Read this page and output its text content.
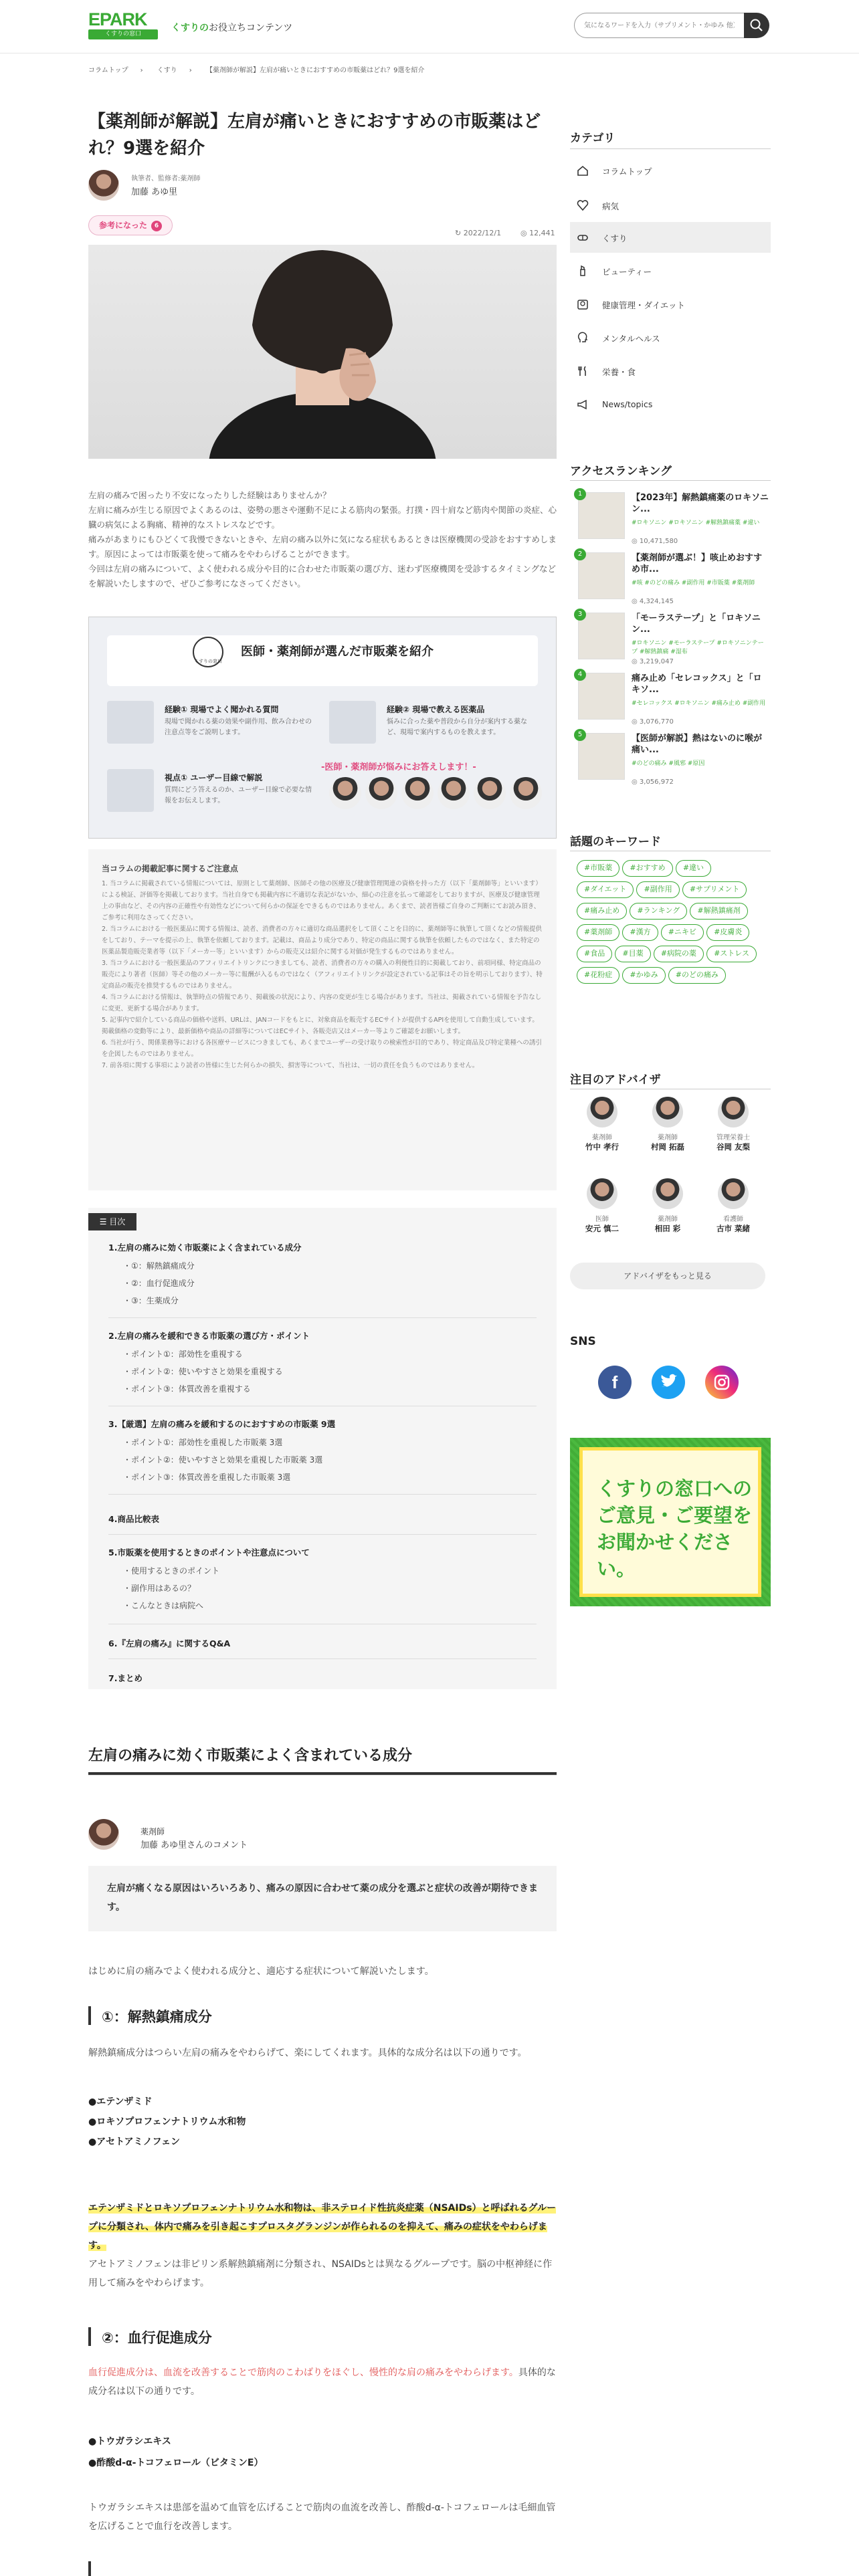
EPARK
くすりの窓口
くすりのお役立ちコンテンツ
気になるワードを入力（サプリメント・かゆみ 他）
コラムトップ › くすり › 【薬剤師が解説】左肩が痛いときにおすすめの市販薬はどれ？9選を紹介
【薬剤師が解説】左肩が痛いときにおすすめの市販薬はどれ？9選を紹介
執筆者、監修者:薬剤師
加藤 あゆ里
参考になった 6
↻ 2022/12/1	◎ 12,441

左肩の痛みで困ったり不安になったりした経験はありませんか？

左肩に痛みが生じる原因でよくあるのは、姿勢の悪さや運動不足による筋肉の緊張。打撲・四十肩など筋肉や関節の炎症、心臓の病気による胸痛、精神的なストレスなどです。

痛みがあまりにもひどくて我慢できないときや、左肩の痛み以外に気になる症状もあるときは医療機関の受診をおすすめします。原因によっては市販薬を使って痛みをやわらげることができます。

今回は左肩の痛みについて、よく使われる成分や目的に合わせた市販薬の選び方、迷わず医療機関を受診するタイミングなどを解説いたしますので、ぜひご参考になさってください。

くすりの窓口
医師・薬剤師が選んだ市販薬を紹介
経験① 現場でよく聞かれる質問
現場で聞かれる薬の効果や副作用、飲み合わせの注意点等をご説明します。
経験② 現場で教える医薬品
悩みに合った薬や普段から自分が案内する薬など、現場で案内するものを教えます。
視点① ユーザー目線で解説
質問にどう答えるのか、ユーザー目線で必要な情報をお伝えします。
-医師・薬剤師が悩みにお答えします！-
当コラムの掲載記事に関するご注意点

1. 当コラムに掲載されている情報については、原則として薬剤師、医師その他の医療及び健康管理関連の資格を持った方（以下「薬剤師等」といいます）による検証、評価等を掲載しております。当社自身でも掲載内容に不適切な表記がないか、細心の注意を払って確認をしておりますが、医療及び健康管理上の事由など、その内容の正確性や有効性などについて何らかの保証をできるものではありません。あくまで、読者皆様ご自身のご判断にてお読み頂き、ご参考に利用なさってください。

2. 当コラムにおける一般医薬品に関する情報は、読者、消費者の方々に適切な商品選択をして頂くことを目的に、薬剤師等に執筆して頂くなどの情報提供をしており、テーマを提示の上、執筆を依頼しております。記載は、商品より成分であり、特定の商品に関する執筆を依頼したものではなく、また特定の医薬品製造販売業者等（以下「メーカー等」といいます）からの販売又は紹介に関する対価が発生するものではありません。

3. 当コラムにおける一般医薬品のアフィリエイトリンクにつきましても、読者、消費者の方々の購入の利便性目的に掲載しており、前項同様、特定商品の販売により著者（医師）等その他のメーカー等に報酬が入るものではなく（アフィリエイトリンクが設定されている記事はその旨を明示しております）、特定商品の販売を推奨するものではありません。

4. 当コラムにおける情報は、執筆時点の情報であり、掲載後の状況により、内容の変更が生じる場合があります。当社は、掲載されている情報を予告なしに変更、更新する場合があります。

5. 記事内で紹介している商品の価格や送料、URLは、JANコードをもとに、対象商品を販売するECサイトが提供するAPIを使用して自動生成しています。掲載価格の変動等により、最新価格や商品の詳細等についてはECサイト、各販売店又はメーカー等よりご確認をお願いします。

6. 当社が行う、関係業務等における各医療サービスにつきましても、あくまでユーザーの受け取りの検索性が目的であり、特定商品及び特定業種への誘引を企図したものではありません。

7. 前各項に関する事項により読者の皆様に生じた何らかの損失、損害等について、当社は、一切の責任を負うものではありません。

☰ 目次
1.左肩の痛みに効く市販薬によく含まれている成分
・①：解熱鎮痛成分
・②：血行促進成分
・③：生薬成分
2.左肩の痛みを緩和できる市販薬の選び方・ポイント
・ポイント①：部効性を重視する
・ポイント②：使いやすさと効果を重視する
・ポイント③：体質改善を重視する
3.【厳選】左肩の痛みを緩和するのにおすすめの市販薬 9選
・ポイント①：部効性を重視した市販薬 3選
・ポイント②：使いやすさと効果を重視した市販薬 3選
・ポイント③：体質改善を重視した市販薬 3選
4.商品比較表
5.市販薬を使用するときのポイントや注意点について
・使用するときのポイント
・副作用はあるの？
・こんなときは病院へ
6.『左肩の痛み』に関するQ&A
7.まとめ
左肩の痛みに効く市販薬によく含まれている成分
薬剤師
加藤 あゆ里さんのコメント
左肩が痛くなる原因はいろいろあり、痛みの原因に合わせて薬の成分を選ぶと症状の改善が期待できます。
はじめに肩の痛みでよく使われる成分と、適応する症状について解説いたします。
①：解熱鎮痛成分
解熱鎮痛成分はつらい左肩の痛みをやわらげて、楽にしてくれます。具体的な成分名は以下の通りです。
●エテンザミド
●ロキソプロフェンナトリウム水和物
●アセトアミノフェン
エテンザミドとロキソプロフェンナトリウム水和物は、非ステロイド性抗炎症薬（NSAIDs）と呼ばれるグループに分類され、体内で痛みを引き起こすプロスタグランジンが作られるのを抑えて、痛みの症状をやわらげます。
アセトアミノフェンは非ピリン系解熱鎮痛剤に分類され、NSAIDsとは異なるグループです。脳の中枢神経に作用して痛みをやわらげます。
②：血行促進成分
血行促進成分は、血流を改善することで筋肉のこわばりをほぐし、慢性的な肩の痛みをやわらげます。具体的な成分名は以下の通りです。
●トウガラシエキス
●酢酸d-α-トコフェロール（ビタミンE）
トウガラシエキスは患部を温めて血管を広げることで筋肉の血流を改善し、酢酸d-α-トコフェロールは毛細血管を広げることで血行を改善します。
カテゴリ
コラムトップ
病気
くすり
ビューティー
健康管理・ダイエット
メンタルヘルス
栄養・食
News/topics
アクセスランキング
1	【2023年】解熱鎮痛薬のロキソニン...
#ロキソニン #ロキソニン #解熱鎮痛薬 #違い
◎ 10,471,580
2	【薬剤師が選ぶ！】咳止めおすすめ市...
#咳 #のどの痛み #副作用 #市販薬 #薬剤師
◎ 4,324,145
3	「モーラステープ」と「ロキソニン...
#ロキソニン #モーラステープ #ロキソニンテープ #解熱鎮痛 #湿布
◎ 3,219,047
4	痛み止め「セレコックス」と「ロキソ...
#セレコックス #ロキソニン #痛み止め #副作用
◎ 3,076,770
5	【医師が解説】熱はないのに喉が痛い...
#のどの痛み #風邪 #原因
◎ 3,056,972
話題のキーワード
#市販薬 #おすすめ #違い #ダイエット #副作用 #サプリメント #痛み止め #ランキング #解熱鎮痛剤 #薬剤師 #漢方 #ニキビ #皮膚炎 #食品 #目薬 #病院の薬 #ストレス #花粉症 #かゆみ #のどの痛み
注目のアドバイザ
薬剤師
竹中 孝行
薬剤師
村岡 拓磊
管理栄養士
谷岡 友梨
医師
安元 慎二
薬剤師
相田 彩
看護師
古市 菜緒
アドバイザをもっと見る
SNS
f
くすりの窓口へのご意見・ご要望をお聞かせください。
